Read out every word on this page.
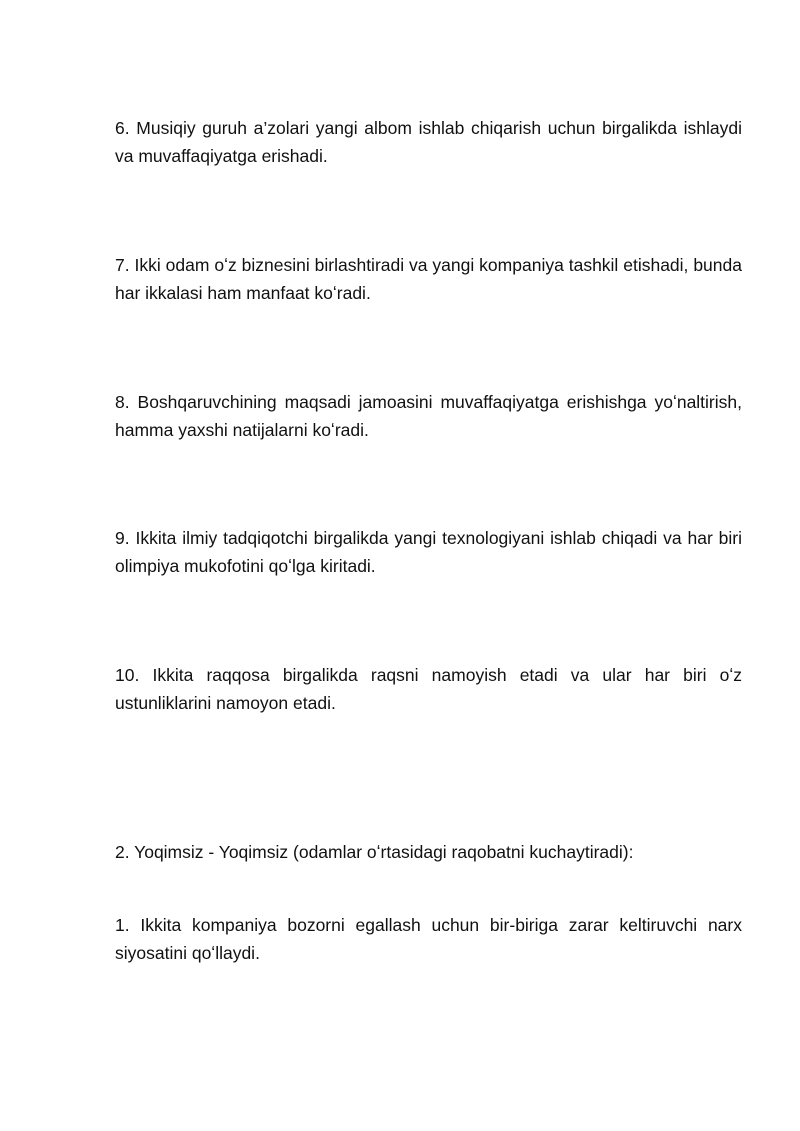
6. Musiqiy guruh a’zolari yangi albom ishlab chiqarish uchun birgalikda ishlaydi va muvaffaqiyatga erishadi.

7. Ikki odam oʻz biznesini birlashtiradi va yangi kompaniya tashkil etishadi, bunda har ikkalasi ham manfaat koʻradi.

8. Boshqaruvchining maqsadi jamoasini muvaffaqiyatga erishishga yoʻnaltirish, hamma yaxshi natijalarni koʻradi.

9. Ikkita ilmiy tadqiqotchi birgalikda yangi texnologiyani ishlab chiqadi va har biri olimpiya mukofotini qoʻlga kiritadi.

10. Ikkita raqqosa birgalikda raqsni namoyish etadi va ular har biri oʻz ustunliklarini namoyon etadi.

2. Yoqimsiz - Yoqimsiz (odamlar oʻrtasidagi raqobatni kuchaytiradi):

1. Ikkita kompaniya bozorni egallash uchun bir-biriga zarar keltiruvchi narx siyosatini qoʻllaydi.
